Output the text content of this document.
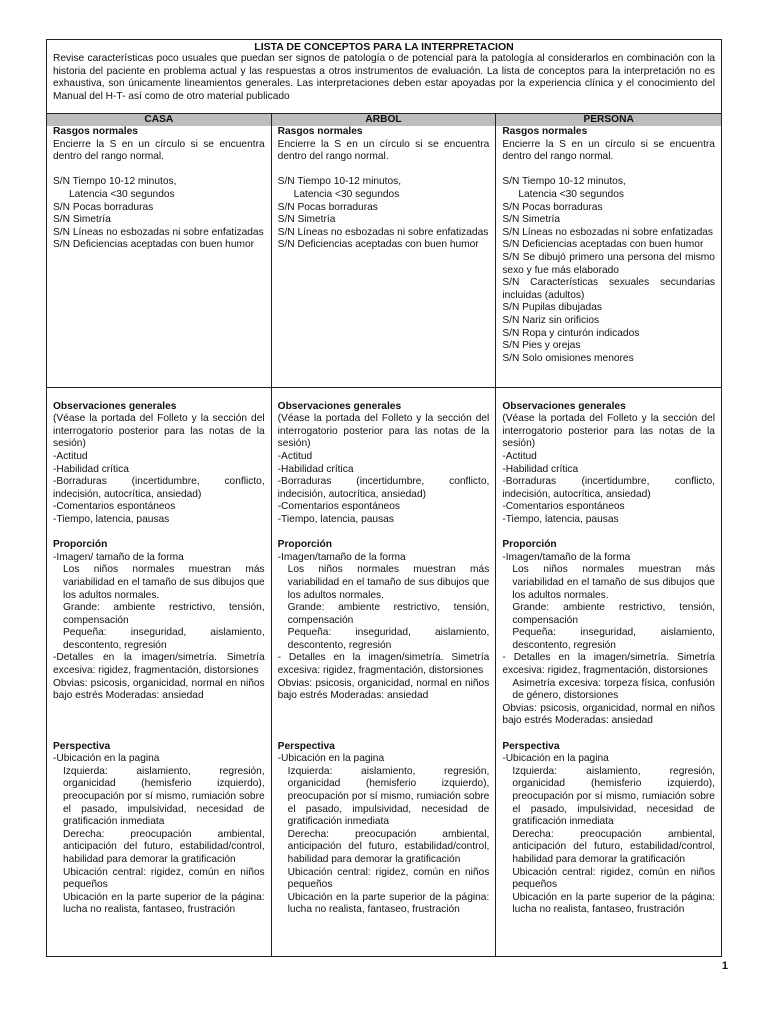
LISTA DE CONCEPTOS PARA LA INTERPRETACION
Revise características poco usuales que puedan ser signos de patología o de potencial para la patología al considerarlos en combinación con la historia del paciente en problema actual y las respuestas a otros instrumentos de evaluación. La lista de conceptos para la interpretación no es exhaustiva, son únicamente lineamientos generales. Las interpretaciones deben estar apoyadas por la experiencia clínica y el conocimiento del Manual del H-T- así como de otro material publicado
CASA
Rasgos normales
Encierre la S en un círculo si se encuentra dentro del rango normal.
S/N Tiempo 10-12 minutos,
Latencia <30 segundos
S/N Pocas borraduras
S/N Simetría
S/N Líneas no esbozadas ni sobre enfatizadas
S/N Deficiencias aceptadas con buen humor
ARBOL
Rasgos normales
Encierre la S en un círculo si se encuentra dentro del rango normal.
S/N Tiempo 10-12 minutos,
Latencia <30 segundos
S/N Pocas borraduras
S/N Simetría
S/N Líneas no esbozadas ni sobre enfatizadas
S/N Deficiencias aceptadas con buen humor
PERSONA
Rasgos normales
Encierre la S en un círculo si se encuentra dentro del rango normal.
S/N Tiempo 10-12 minutos,
Latencia <30 segundos
S/N Pocas borraduras
S/N Simetría
S/N Líneas no esbozadas ni sobre enfatizadas
S/N Deficiencias aceptadas con buen humor
S/N Se dibujó primero una persona del mismo sexo y fue más elaborado
S/N Características sexuales secundarias incluidas (adultos)
S/N Pupilas dibujadas
S/N Nariz sin orificios
S/N Ropa y cinturón indicados
S/N Pies y orejas
S/N Solo omisiones menores
Observaciones generales
(Véase la portada del Folleto y la sección del interrogatorio posterior para las notas de la sesión)
-Actitud
-Habilidad crítica
-Borraduras (incertidumbre, conflicto, indecisión, autocrítica, ansiedad)
-Comentarios espontáneos
-Tiempo, latencia, pausas
Proporción
-Imagen/ tamaño de la forma
Los niños normales muestran más variabilidad en el tamaño de sus dibujos que los adultos normales.
Grande: ambiente restrictivo, tensión, compensación
Pequeña: inseguridad, aislamiento, descontento, regresión
-Detalles en la imagen/simetría. Simetría excesiva: rigidez, fragmentación, distorsiones
Obvias: psicosis, organicidad, normal en niños bajo estrés Moderadas: ansiedad
Perspectiva
-Ubicación en la pagina
Izquierda: aislamiento, regresión, organicidad (hemisferio izquierdo), preocupación por sí mismo, rumiación sobre el pasado, impulsividad, necesidad de gratificación inmediata
Derecha: preocupación ambiental, anticipación del futuro, estabilidad/control, habilidad para demorar la gratificación
Ubicación central: rigidez, común en niños pequeños
Ubicación en la parte superior de la página: lucha no realista, fantaseo, frustración
Observaciones generales
(Véase la portada del Folleto y la sección del interrogatorio posterior para las notas de la sesión)
-Actitud
-Habilidad crítica
-Borraduras (incertidumbre, conflicto, indecisión, autocrítica, ansiedad)
-Comentarios espontáneos
-Tiempo, latencia, pausas
Proporción
-Imagen/tamaño de la forma
Los niños normales muestran más variabilidad en el tamaño de sus dibujos que los adultos normales.
Grande: ambiente restrictivo, tensión, compensación
Pequeña: inseguridad, aislamiento, descontento, regresión
- Detalles en la imagen/simetría. Simetría excesiva: rigidez, fragmentación, distorsiones
Obvias: psicosis, organicidad, normal en niños bajo estrés Moderadas: ansiedad
Perspectiva
-Ubicación en la pagina
Izquierda: aislamiento, regresión, organicidad (hemisferio izquierdo), preocupación por sí mismo, rumiación sobre el pasado, impulsividad, necesidad de gratificación inmediata
Derecha: preocupación ambiental, anticipación del futuro, estabilidad/control, habilidad para demorar la gratificación
Ubicación central: rigidez, común en niños pequeños
Ubicación en la parte superior de la página: lucha no realista, fantaseo, frustración
Observaciones generales
(Véase la portada del Folleto y la sección del interrogatorio posterior para las notas de la sesión)
-Actitud
-Habilidad crítica
-Borraduras (incertidumbre, conflicto, indecisión, autocrítica, ansiedad)
-Comentarios espontáneos
-Tiempo, latencia, pausas
Proporción
-Imagen/tamaño de la forma
Los niños normales muestran más variabilidad en el tamaño de sus dibujos que los adultos normales.
Grande: ambiente restrictivo, tensión, compensación
Pequeña: inseguridad, aislamiento, descontento, regresión
- Detalles en la imagen/simetría. Simetría excesiva: rigidez, fragmentación, distorsiones
Asimetría excesiva: torpeza física, confusión de género, distorsiones
Obvias: psicosis, organicidad, normal en niños bajo estrés Moderadas: ansiedad
Perspectiva
-Ubicación en la pagina
Izquierda: aislamiento, regresión, organicidad (hemisferio izquierdo), preocupación por sí mismo, rumiación sobre el pasado, impulsividad, necesidad de gratificación inmediata
Derecha: preocupación ambiental, anticipación del futuro, estabilidad/control, habilidad para demorar la gratificación
Ubicación central: rigidez, común en niños pequeños
Ubicación en la parte superior de la página: lucha no realista, fantaseo, frustración
1
